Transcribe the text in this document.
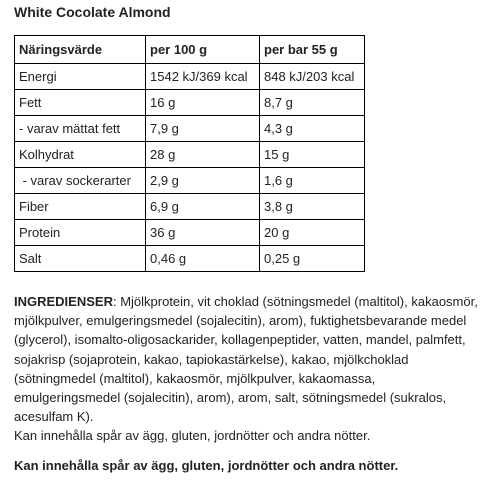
White Cocolate Almond
Näringsvärde	per 100 g	per bar 55 g
Energi	1542 kJ/369 kcal	848 kJ/203 kcal
Fett	16 g	8,7 g
- varav mättat fett	7,9 g	4,3 g
Kolhydrat	28 g	15 g
- varav sockerarter	2,9 g	1,6 g
Fiber	6,9 g	3,8 g
Protein	36 g	20 g
Salt	0,46 g	0,25 g
INGREDIENSER: Mjölkprotein, vit choklad (sötningsmedel (maltitol), kakaosmör, mjölkpulver, emulgeringsmedel (sojalecitin), arom), fuktighetsbevarande medel (glycerol), isomalto-oligosackarider, kollagenpeptider, vatten, mandel, palmfett, sojakrisp (sojaprotein, kakao, tapiokastärkelse), kakao, mjölkchoklad (sötningmedel (maltitol), kakaosmör, mjölkpulver, kakaomassa, emulgeringsmedel (sojalecitin), arom), arom, salt, sötningsmedel (sukralos, acesulfam K).
Kan innehålla spår av ägg, gluten, jordnötter och andra nötter.
Kan innehålla spår av ägg, gluten, jordnötter och andra nötter.
